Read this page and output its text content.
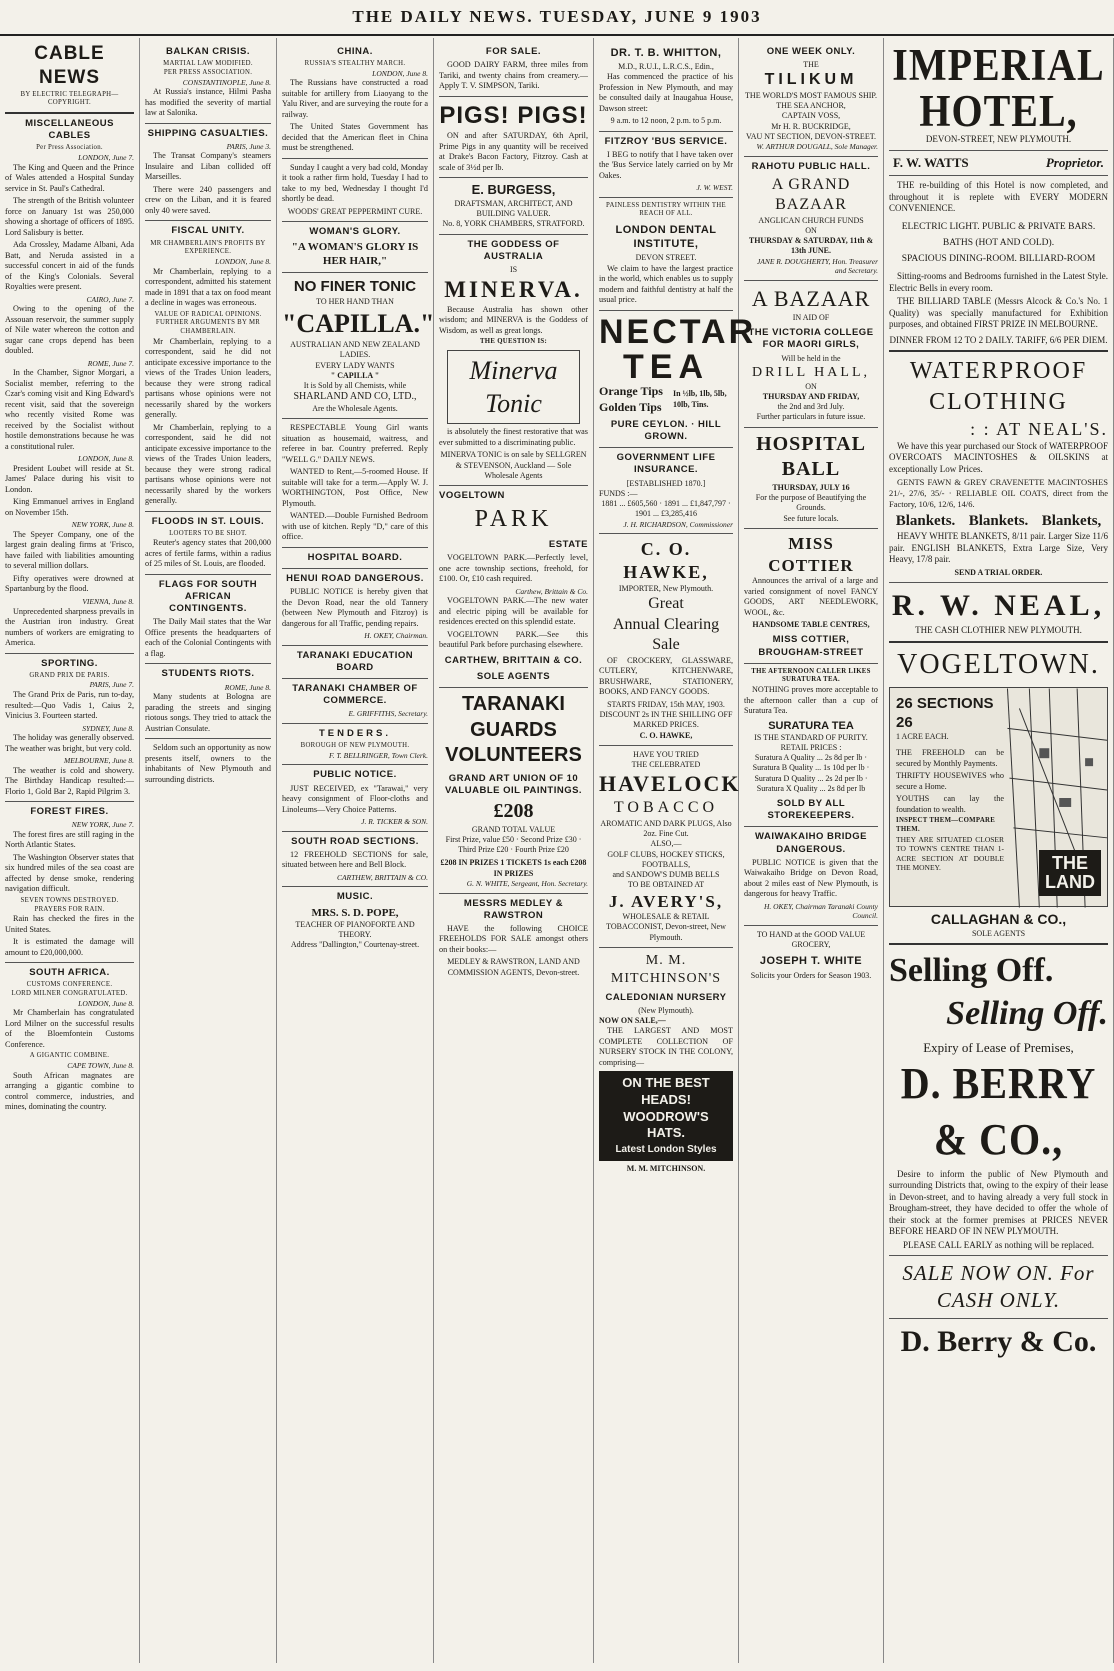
THE DAILY NEWS. TUESDAY, JUNE 9 1903
CABLE NEWS
BY ELECTRIC TELEGRAPH—COPYRIGHT.
MISCELLANEOUS CABLES
Per Press Association.
LONDON, June 7.

The King and Queen and the Prince of Wales attended a Hospital Sunday service in St. Paul's Cathedral.

The strength of the British volunteer force on January 1st was 250,000 showing a shortage of officers of 1895. Lord Salisbury is better.

Ada Crossley, Madame Albani, Ada Batt, and Neruda assisted in a successful concert in aid of the funds of the King's Colonials. Several Royalties were present.

CAIRO, June 7.

Owing to the opening of the Assouan reservoir, the summer supply of Nile water whereon the cotton and sugar cane crops depend has been doubled.

ROME, June 7.

In the Chamber, Signor Morgari, a Socialist member, referring to the Czar's coming visit and King Edward's recent visit, said that the sovereign who recently visited Rome was received by the Socialist without hostile demonstrations because he was a constitutional ruler.

LONDON, June 8.

President Loubet will reside at St. James' Palace during his visit to London.

King Emmanuel arrives in England on November 15th.

NEW YORK, June 8.

The Speyer Company, one of the largest grain dealing firms at 'Frisco, have failed with liabilities amounting to several million dollars.

Fifty operatives were drowned at Spartanburg by the flood.

VIENNA, June 8.

Unprecedented sharpness prevails in the Austrian iron industry. Great numbers of workers are emigrating to America.

SPORTING.
GRAND PRIX DE PARIS.
PARIS, June 7.

The Grand Prix de Paris, run to-day, resulted:—Quo Vadis 1, Caius 2, Vinicius 3. Fourteen started.

SYDNEY, June 8.

The holiday was generally observed. The weather was bright, but very cold.

MELBOURNE, June 8.

The weather is cold and showery. The Birthday Handicap resulted:—Florio 1, Gold Bar 2, Rapid Pilgrim 3.

FOREST FIRES.
NEW YORK, June 7.

The forest fires are still raging in the North Atlantic States.

The Washington Observer states that six hundred miles of the sea coast are affected by dense smoke, rendering navigation difficult.

SEVEN TOWNS DESTROYED.
PRAYERS FOR RAIN.

Rain has checked the fires in the United States.

It is estimated the damage will amount to £20,000,000.

SOUTH AFRICA.
CUSTOMS CONFERENCE.
LORD MILNER CONGRATULATED.
LONDON, June 8.

Mr Chamberlain has congratulated Lord Milner on the successful results of the Bloemfontein Customs Conference.

A GIGANTIC COMBINE.
CAPE TOWN, June 8.

South African magnates are arranging a gigantic combine to control commerce, industries, and mines, dominating the country.

BALKAN CRISIS.
MARTIAL LAW MODIFIED.
PER PRESS ASSOCIATION.
CONSTANTINOPLE, June 8.

At Russia's instance, Hilmi Pasha has modified the severity of martial law at Salonika.

SHIPPING CASUALTIES.
PARIS, June 3.

The Transat Company's steamers Insulaire and Liban collided off Marseilles.

There were 240 passengers and crew on the Liban, and it is feared only 40 were saved.

FISCAL UNITY.
MR CHAMBERLAIN'S PROFITS BY EXPERIENCE.
LONDON, June 8.

Mr Chamberlain, replying to a correspondent, admitted his statement made in 1891 that a tax on food meant a decline in wages was erroneous.

VALUE OF RADICAL OPINIONS.
FURTHER ARGUMENTS BY MR CHAMBERLAIN.

Mr Chamberlain, replying to a correspondent, said he did not anticipate excessive importance to the views of the Trades Union leaders, because they were strong radical partisans whose opinions were not necessarily shared by the workers generally.

Mr Chamberlain, replying to a correspondent, said he did not anticipate excessive importance to the views of the Trades Union leaders, because they were strong radical partisans whose opinions were not necessarily shared by the workers generally.

FLOODS IN ST. LOUIS.
LOOTERS TO BE SHOT.

Reuter's agency states that 200,000 acres of fertile farms, within a radius of 25 miles of St. Louis, are flooded.

FLAGS FOR SOUTH AFRICAN CONTINGENTS.

The Daily Mail states that the War Office presents the headquarters of each of the Colonial Contingents with a flag.

STUDENTS RIOTS.
ROME, June 8.

Many students at Bologna are parading the streets and singing riotous songs. They tried to attack the Austrian Consulate.

Seldom such an opportunity as now presents itself, owners to the inhabitants of New Plymouth and surrounding districts.

CHINA.
RUSSIA'S STEALTHY MARCH.
LONDON, June 8.

The Russians have constructed a road suitable for artillery from Liaoyang to the Yalu River, and are surveying the route for a railway.

The United States Government has decided that the American fleet in China must be strengthened.

Sunday I caught a very bad cold, Monday it took a rather firm hold, Tuesday I had to take to my bed, Wednesday I thought I'd shortly be dead.

WOODS' GREAT PEPPERMINT CURE.
WOMAN'S GLORY.
"A WOMAN'S GLORY IS HER HAIR,"
NO FINER TONIC
TO HER HAND THAN
"CAPILLA."
AUSTRALIAN AND NEW ZEALAND LADIES.
EVERY LADY WANTS
" CAPILLA "
It is Sold by all Chemists, while
SHARLAND AND CO, LTD.,
Are the Wholesale Agents.

RESPECTABLE Young Girl wants situation as housemaid, waitress, and referee in bar. Country preferred. Reply "WELL G." DAILY NEWS.

WANTED to Rent,—5-roomed House. If suitable will take for a term.—Apply W. J. WORTHINGTON, Post Office, New Plymouth.

WANTED.—Double Furnished Bedroom with use of kitchen. Reply "D," care of this office.

HOSPITAL BOARD.
HENUI ROAD DANGEROUS.

PUBLIC NOTICE is hereby given that the Devon Road, near the old Tannery (between New Plymouth and Fitzroy) is dangerous for all Traffic, pending repairs.

H. OKEY, Chairman.
TARANAKI EDUCATION BOARD
TARANAKI CHAMBER OF COMMERCE.
E. GRIFFITHS, Secretary.
TENDERS.
BOROUGH OF NEW PLYMOUTH.
F. T. BELLRINGER, Town Clerk.
PUBLIC NOTICE.

JUST RECEIVED, ex "Tarawai," very heavy consignment of Floor-cloths and Linoleums—Very Choice Patterns.

J. R. TICKER & SON.
SOUTH ROAD SECTIONS.

12 FREEHOLD SECTIONS for sale, situated between here and Bell Block.

CARTHEW, BRITTAIN & CO.
MUSIC.
MRS. S. D. POPE,
TEACHER OF PIANOFORTE AND THEORY.
Address "Dallington," Courtenay-street.
FOR SALE.

GOOD DAIRY FARM, three miles from Tariki, and twenty chains from creamery.—Apply T. V. SIMPSON, Tariki.

PIGS! PIGS!

ON and after SATURDAY, 6th April, Prime Pigs in any quantity will be received at Drake's Bacon Factory, Fitzroy. Cash at scale of 3½d per lb.

E. BURGESS,
DRAFTSMAN, ARCHITECT, AND BUILDING VALUER.
No. 8, YORK CHAMBERS, STRATFORD.
THE GODDESS OF AUSTRALIA
IS
MINERVA.

Because Australia has shown other wisdom; and MINERVA is the Goddess of Wisdom, as well as great longs.

THE QUESTION IS:
Minerva Tonic

is absolutely the finest restorative that was ever submitted to a discriminating public.

MINERVA TONIC is on sale by SELLGREN & STEVENSON, Auckland — Sole Wholesale Agents
VOGELTOWN
PARK
ESTATE

VOGELTOWN PARK.—Perfectly level, one acre township sections, freehold, for £100. Or, £10 cash required.

Carthew, Brittain & Co.

VOGELTOWN PARK.—The new water and electric piping will be available for residences erected on this splendid estate.

VOGELTOWN PARK.—See this beautiful Park before purchasing elsewhere.

CARTHEW, BRITTAIN & CO.
SOLE AGENTS
TARANAKI GUARDS VOLUNTEERS
GRAND ART UNION OF 10 VALUABLE OIL PAINTINGS.
£208
GRAND TOTAL VALUE
First Prize, value £50 · Second Prize £30 · Third Prize £20 · Fourth Prize £20
£208 IN PRIZES 1 TICKETS 1s each £208 IN PRIZES
G. N. WHITE, Sergeant, Hon. Secretary.
MESSRS MEDLEY & RAWSTRON

HAVE the following CHOICE FREEHOLDS FOR SALE amongst others on their books:—

MEDLEY & RAWSTRON, LAND AND COMMISSION AGENTS, Devon-street.
DR. T. B. WHITTON,
M.D., R.U.I., L.R.C.S., Edin.,

Has commenced the practice of his Profession in New Plymouth, and may be consulted daily at Inaugahua House, Dawson street:

9 a.m. to 12 noon, 2 p.m. to 5 p.m.
FITZROY 'BUS SERVICE.

I BEG to notify that I have taken over the 'Bus Service lately carried on by Mr Oakes.

J. W. WEST.
PAINLESS DENTISTRY WITHIN THE REACH OF ALL.
LONDON DENTAL INSTITUTE,
DEVON STREET.

We claim to have the largest practice in the world, which enables us to supply modern and faithful dentistry at half the usual price.

NECTAR
TEA
Orange Tips
Golden Tips
In ½lb, 1lb, 5lb, 10lb, Tins.
PURE CEYLON. · HILL GROWN.
GOVERNMENT LIFE INSURANCE.
[ESTABLISHED 1870.]
FUNDS :—
1881 ... £605,560 · 1891 ... £1,847,797 · 1901 ... £3,285,416
J. H. RICHARDSON, Commissioner
C. O. HAWKE,
IMPORTER, New Plymouth.
Great
Annual Clearing Sale

OF CROCKERY, GLASSWARE, CUTLERY, KITCHENWARE, BRUSHWARE, STATIONERY, BOOKS, AND FANCY GOODS.

STARTS FRIDAY, 15th MAY, 1903.
DISCOUNT 2s IN THE SHILLING OFF MARKED PRICES.
C. O. HAWKE,
HAVE YOU TRIED
THE CELEBRATED
HAVELOCK
TOBACCO
AROMATIC AND DARK PLUGS, Also 2oz. Fine Cut.
ALSO,—
GOLF CLUBS, HOCKEY STICKS, FOOTBALLS,
and SANDOW'S DUMB BELLS
TO BE OBTAINED AT
J. AVERY'S,
WHOLESALE & RETAIL TOBACCONIST, Devon-street, New Plymouth.
M. M. MITCHINSON'S
CALEDONIAN NURSERY
(New Plymouth).
NOW ON SALE,—

THE LARGEST AND MOST COMPLETE COLLECTION OF NURSERY STOCK IN THE COLONY, comprising—

ON THE BEST HEADS! WOODROW'S HATS.
Latest London Styles
M. M. MITCHINSON.
ONE WEEK ONLY.
THE
TILIKUM
THE WORLD'S MOST FAMOUS SHIP.
THE SEA ANCHOR,
CAPTAIN VOSS,
Mr H. R. BUCKRIDGE,
VAU NT SECTION, DEVON-STREET.
W. ARTHUR DOUGALL, Sole Manager.
RAHOTU PUBLIC HALL.
A GRAND BAZAAR
ANGLICAN CHURCH FUNDS
ON
THURSDAY & SATURDAY, 11th & 13th JUNE.
JANE R. DOUGHERTY, Hon. Treasurer and Secretary.
A BAZAAR
IN AID OF
THE VICTORIA COLLEGE FOR MAORI GIRLS,
Will be held in the
DRILL HALL,
ON
THURSDAY AND FRIDAY,
the 2nd and 3rd July.
Further particulars in future issue.
HOSPITAL BALL
THURSDAY, JULY 16
For the purpose of Beautifying the Grounds.
See future locals.
MISS COTTIER

Announces the arrival of a large and varied consignment of novel FANCY GOODS, ART NEEDLEWORK, WOOL, &c.

HANDSOME TABLE CENTRES,
MISS COTTIER, BROUGHAM-STREET
THE AFTERNOON CALLER LIKES SURATURA TEA.

NOTHING proves more acceptable to the afternoon caller than a cup of Suratura Tea.

SURATURA TEA
IS THE STANDARD OF PURITY.
RETAIL PRICES :
Suratura A Quality ... 2s 8d per lb · Suratura B Quality ... 1s 10d per lb · Suratura D Quality ... 2s 2d per lb · Suratura X Quality ... 2s 8d per lb
SOLD BY ALL STOREKEEPERS.
WAIWAKAIHO BRIDGE DANGEROUS.

PUBLIC NOTICE is given that the Waiwakaiho Bridge on Devon Road, about 2 miles east of New Plymouth, is dangerous for heavy Traffic.

H. OKEY, Chairman Taranaki County Council.
TO HAND at the GOOD VALUE GROCERY,
JOSEPH T. WHITE
Solicits your Orders for Season 1903.
IMPERIAL HOTEL,
DEVON-STREET, NEW PLYMOUTH.
F. W. WATTS	Proprietor.

THE re-building of this Hotel is now completed, and throughout it is replete with EVERY MODERN CONVENIENCE.

ELECTRIC LIGHT. PUBLIC & PRIVATE BARS.
BATHS (HOT AND COLD).
SPACIOUS DINING-ROOM. BILLIARD-ROOM

Sitting-rooms and Bedrooms furnished in the Latest Style. Electric Bells in every room.

THE BILLIARD TABLE (Messrs Alcock & Co.'s No. 1 Quality) was specially manufactured for Exhibition purposes, and obtained FIRST PRIZE IN MELBOURNE.

DINNER FROM 12 TO 2 DAILY. TARIFF, 6/6 PER DIEM.
WATERPROOF CLOTHING
: : AT NEAL'S.

We have this year purchased our Stock of WATERPROOF OVERCOATS MACINTOSHES & OILSKINS at exceptionally Low Prices.

GENTS FAWN & GREY CRAVENETTE MACINTOSHES 21/-, 27/6, 35/- · RELIABLE OIL COATS, direct from the Factory, 10/6, 12/6, 14/6.

Blankets. Blankets. Blankets,

HEAVY WHITE BLANKETS, 8/11 pair. Larger Size 11/6 pair. ENGLISH BLANKETS, Extra Large Size, Very Heavy, 17/8 pair.

SEND A TRIAL ORDER.
R. W. NEAL,
THE CASH CLOTHIER NEW PLYMOUTH.
VOGELTOWN.
26 SECTIONS 26
1 ACRE EACH.

THE FREEHOLD can be secured by Monthly Payments.

THRIFTY HOUSEWIVES who secure a Home.

YOUTHS can lay the foundation to wealth.

INSPECT THEM—COMPARE THEM.

THEY ARE SITUATED CLOSER TO TOWN'S CENTRE THAN 1-ACRE SECTION AT DOUBLE THE MONEY.	THE
LAND
CALLAGHAN & CO.,
SOLE AGENTS
Selling Off.
Selling Off.
Expiry of Lease of Premises,
D. BERRY & CO.,

Desire to inform the public of New Plymouth and surrounding Districts that, owing to the expiry of their lease in Devon-street, and to having already a very full stock in Brougham-street, they have decided to offer the whole of their stock at the former premises at PRICES NEVER BEFORE HEARD OF IN NEW PLYMOUTH.

PLEASE CALL EARLY as nothing will be replaced.
SALE NOW ON. For CASH ONLY.
D. Berry & Co.
